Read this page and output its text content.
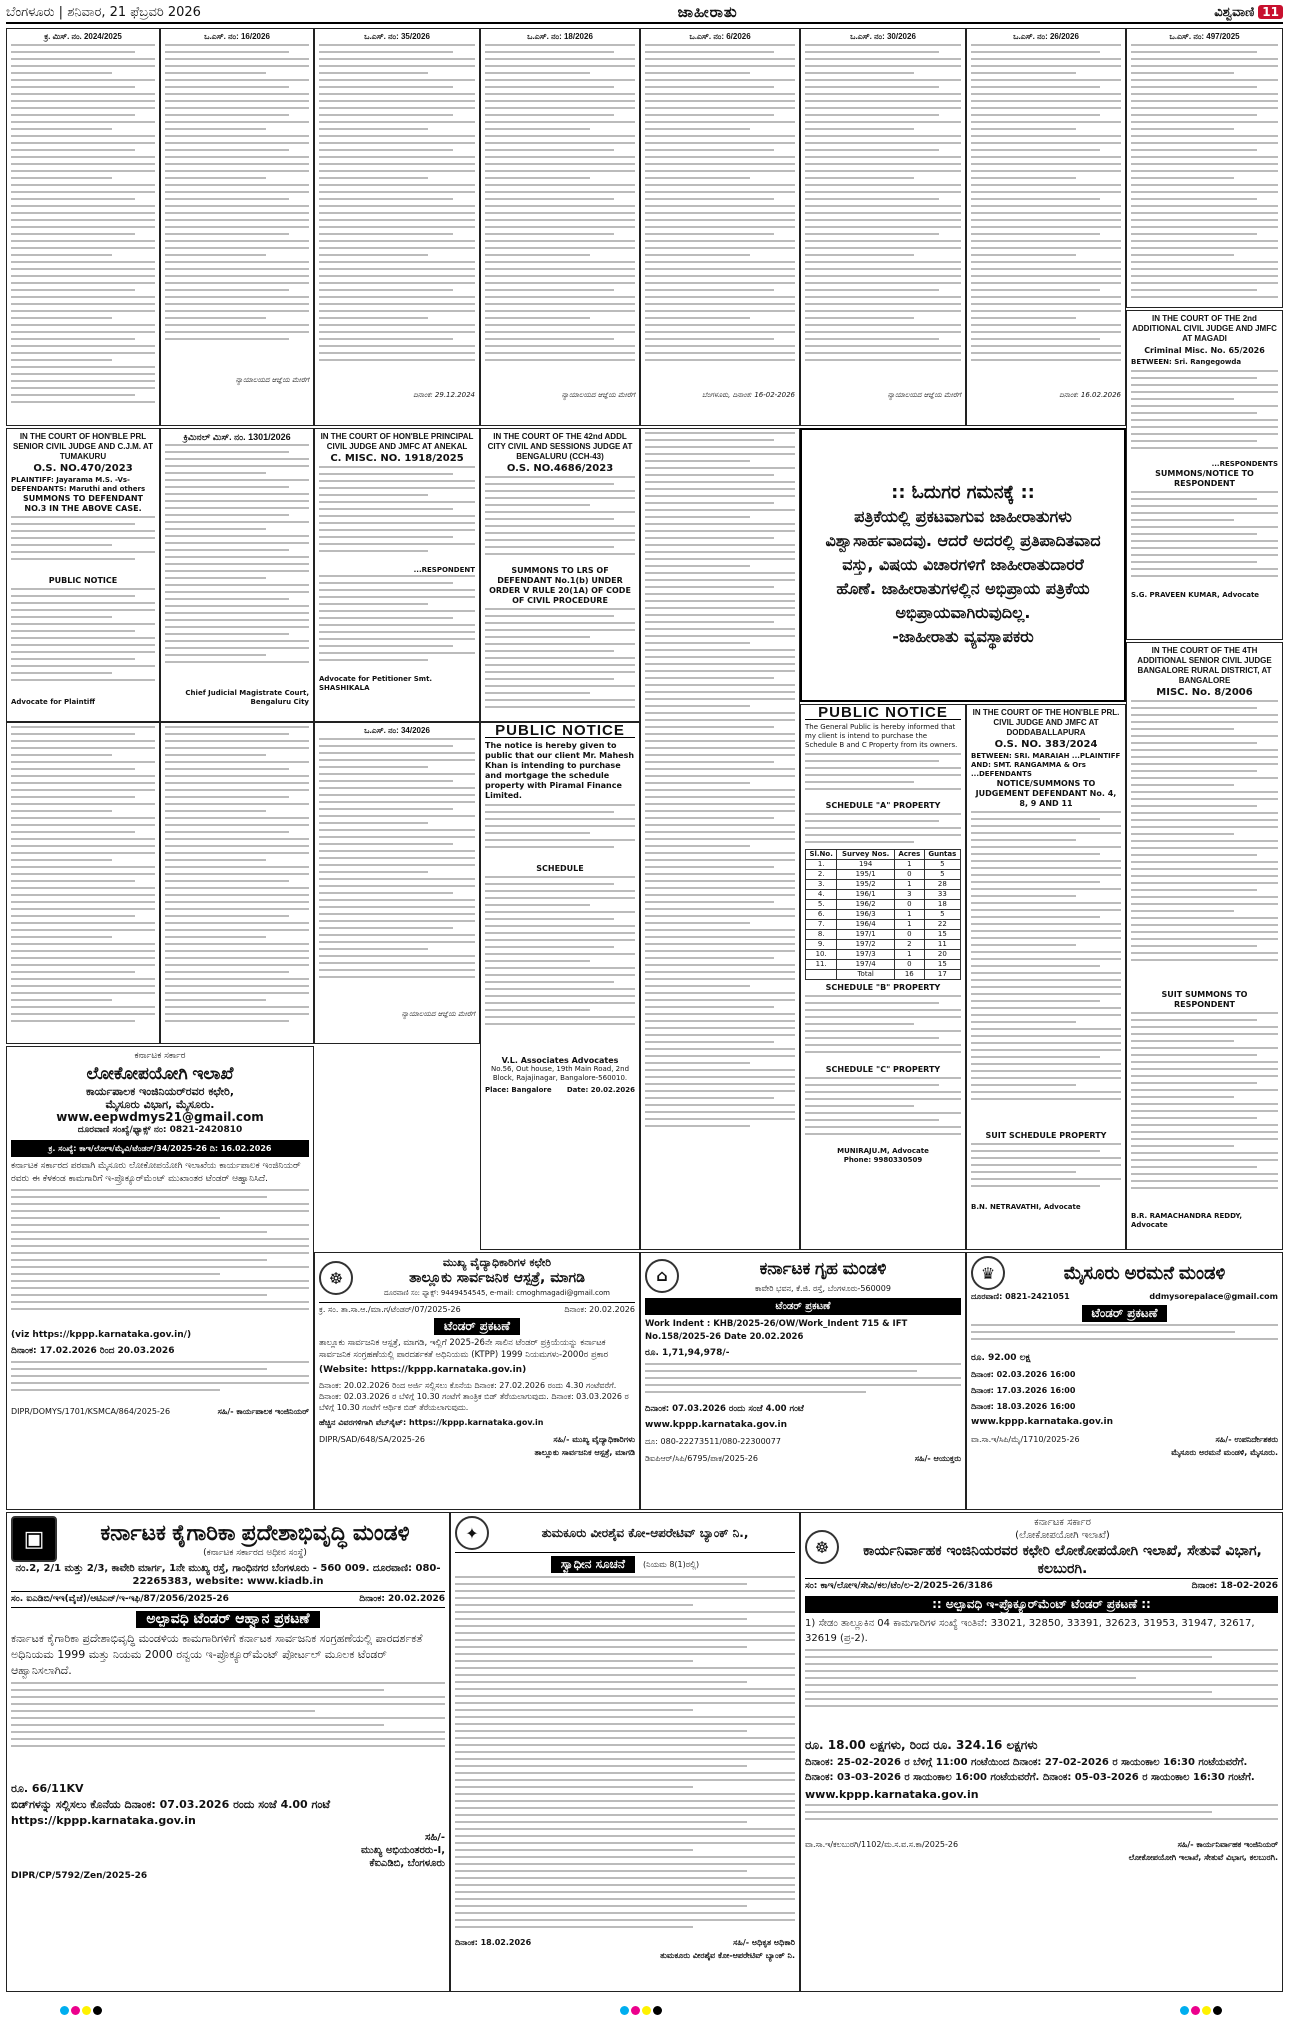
ಬೆಂಗಳೂರು | ಶನಿವಾರ, 21 ಫೆಬ್ರವರಿ 2026	ಜಾಹೀರಾತು	ವಿಶ್ವವಾಣಿ 11
ಕ್ರ. ಮಿಸ್. ನಂ. 2024/2025	ಒ.ಎಸ್. ನಂ: 16/2026
ನ್ಯಾಯಾಲಯದ ಆಜ್ಞೆಯ ಮೇರೆಗೆ
ಒ.ಎಸ್. ನಂ: 35/2026
ದಿನಾಂಕ: 29.12.2024
ಒ.ಎಸ್. ನಂ: 18/2026
ನ್ಯಾಯಾಲಯದ ಆಜ್ಞೆಯ ಮೇರೆಗೆ
ಒ.ಎಸ್. ನಂ: 6/2026
ಬೆಂಗಳೂರು, ದಿನಾಂಕ: 16-02-2026
ಒ.ಎಸ್. ನಂ: 30/2026
ನ್ಯಾಯಾಲಯದ ಆಜ್ಞೆಯ ಮೇರೆಗೆ
ಒ.ಎಸ್. ನಂ: 26/2026
ದಿನಾಂಕ: 16.02.2026
ಒ.ಎಸ್. ನಂ: 497/2025
IN THE COURT OF THE 2nd ADDITIONAL CIVIL JUDGE AND JMFC AT MAGADI
Criminal Misc. No. 65/2026
BETWEEN: Sri. Rangegowda
...RESPONDENTS
SUMMONS/NOTICE TO RESPONDENT
S.G. PRAVEEN KUMAR, Advocate
IN THE COURT OF HON'BLE PRL SENIOR CIVIL JUDGE AND C.J.M. AT TUMAKURU
O.S. NO.470/2023
PLAINTIFF: Jayarama M.S. -Vs- DEFENDANTS: Maruthi and others
SUMMONS TO DEFENDANT NO.3 IN THE ABOVE CASE.
PUBLIC NOTICE
Advocate for Plaintiff
ಕ್ರಿಮಿನಲ್ ಮಿಸ್. ನಂ. 1301/2026
Chief Judicial Magistrate Court, Bengaluru City
IN THE COURT OF HON'BLE PRINCIPAL CIVIL JUDGE AND JMFC AT ANEKAL
C. MISC. NO. 1918/2025
...RESPONDENT
Advocate for Petitioner Smt. SHASHIKALA
IN THE COURT OF THE 42nd ADDL CITY CIVIL AND SESSIONS JUDGE AT BENGALURU (CCH-43)
O.S. NO.4686/2023
SUMMONS TO LRS OF DEFENDANT No.1(b) UNDER ORDER V RULE 20(1A) OF CODE OF CIVIL PROCEDURE
:: ಓದುಗರ ಗಮನಕ್ಕೆ ::
ಪತ್ರಿಕೆಯಲ್ಲಿ ಪ್ರಕಟವಾಗುವ ಜಾಹೀರಾತುಗಳು
ವಿಶ್ವಾಸಾರ್ಹವಾದವು. ಆದರೆ ಅದರಲ್ಲಿ ಪ್ರತಿಪಾದಿತವಾದ
ವಸ್ತು, ವಿಷಯ ವಿಚಾರಗಳಿಗೆ ಜಾಹೀರಾತುದಾರರೆ
ಹೊಣೆ. ಜಾಹೀರಾತುಗಳಲ್ಲಿನ ಅಭಿಪ್ರಾಯ ಪತ್ರಿಕೆಯ
ಅಭಿಪ್ರಾಯವಾಗಿರುವುದಿಲ್ಲ.
-ಜಾಹೀರಾತು ವ್ಯವಸ್ಥಾಪಕರು
ಒ.ಎಸ್. ನಂ: 34/2026
ನ್ಯಾಯಾಲಯದ ಆಜ್ಞೆಯ ಮೇರೆಗೆ
PUBLIC NOTICE
The notice is hereby given to public that our client Mr. Mahesh Khan is intending to purchase and mortgage the schedule property with Piramal Finance Limited.
SCHEDULE
V.L. Associates Advocates
No.56, Out house, 19th Main Road, 2nd Block, Rajajinagar, Bangalore-560010.
Place: Bangalore Date: 20.02.2026
PUBLIC NOTICE
The General Public is hereby informed that my client is intend to purchase the Schedule B and C Property from its owners.
SCHEDULE "A" PROPERTY
Sl.No.	Survey Nos.	Acres	Guntas
1.	194	1	5
2.	195/1	0	5
3.	195/2	1	28
4.	196/1	3	33
5.	196/2	0	18
6.	196/3	1	5
7.	196/4	1	22
8.	197/1	0	15
9.	197/2	2	11
10.	197/3	1	20
11.	197/4	0	15
	Total	16	17
SCHEDULE "B" PROPERTY
SCHEDULE "C" PROPERTY
MUNIRAJU.M, Advocate
Phone: 9980330509
IN THE COURT OF THE HON'BLE PRL. CIVIL JUDGE AND JMFC AT DODDABALLAPURA
O.S. NO. 383/2024
BETWEEN: SRI. MARAIAH ...PLAINTIFF AND: SMT. RANGAMMA & Ors ...DEFENDANTS
NOTICE/SUMMONS TO JUDGEMENT DEFENDANT No. 4, 8, 9 AND 11
SUIT SCHEDULE PROPERTY
B.N. NETRAVATHI, Advocate
IN THE COURT OF THE 4TH ADDITIONAL SENIOR CIVIL JUDGE BANGALORE RURAL DISTRICT, AT BANGALORE
MISC. No. 8/2006
SUIT SUMMONS TO RESPONDENT
B.R. RAMACHANDRA REDDY, Advocate
ಕರ್ನಾಟಕ ಸರ್ಕಾರ
ಲೋಕೋಪಯೋಗಿ ಇಲಾಖೆ
ಕಾರ್ಯಪಾಲಕ ಇಂಜಿನಿಯರ್‌ರವರ ಕಛೇರಿ,
ಮೈಸೂರು ವಿಭಾಗ, ಮೈಸೂರು.
www.eepwdmys21@gmail.com
ದೂರವಾಣಿ ಸಂಖ್ಯೆ/ಫ್ಯಾಕ್ಸ್ ನಂ: 0821-2420810
ಕ್ರ. ಸಂಖ್ಯೆ: ಕಾಇ/ಲೋಇ/ಮೈವಿ/ಟೆಂಡರ್/34/2025-26 ದಿ: 16.02.2026

ಕರ್ನಾಟಕ ಸರ್ಕಾರದ ಪರವಾಗಿ ಮೈಸೂರು ಲೋಕೋಪಯೋಗಿ ಇಲಾಖೆಯ ಕಾರ್ಯಪಾಲಕ ಇಂಜಿನಿಯರ್ ರವರು ಈ ಕೆಳಕಂಡ ಕಾಮಗಾರಿಗೆ ಇ-ಪ್ರೊಕ್ಯೂರ್‌ಮೆಂಟ್ ಮುಖಾಂತರ ಟೆಂಡರ್ ಆಹ್ವಾನಿಸಿದೆ.

(viz https://kppp.karnataka.gov.in/)

ದಿನಾಂಕ: 17.02.2026 ರಿಂದ 20.03.2026

DIPR/DOMYS/1701/KSMCA/864/2025-26	ಸಹಿ/- ಕಾರ್ಯಪಾಲಕ ಇಂಜಿನಿಯರ್
☸
ಮುಖ್ಯ ವೈದ್ಯಾಧಿಕಾರಿಗಳ ಕಛೇರಿ
ತಾಲ್ಲೂಕು ಸಾರ್ವಜನಿಕ ಆಸ್ಪತ್ರೆ, ಮಾಗಡಿ
ದೂರವಾಣಿ ಸಂ: ಫ್ಯಾಕ್ಸ್: 9449454545, e-mail: cmoghmagadi@gmail.com
ಕ್ರ. ಸಂ. ತಾ.ಸಾ.ಆ./ಮಾ.ಗ/ಟೆಂಡರ್/07/2025-26	ದಿನಾಂಕ: 20.02.2026
ಟೆಂಡರ್ ಪ್ರಕಟಣೆ

ತಾಲ್ಲೂಕು ಸಾರ್ವಜನಿಕ ಆಸ್ಪತ್ರೆ, ಮಾಗಡಿ, ಇಲ್ಲಿಗೆ 2025-26ನೇ ಸಾಲಿನ ಟೆಂಡರ್ ಪ್ರಕ್ರಿಯೆಯನ್ನು ಕರ್ನಾಟಕ ಸಾರ್ವಜನಿಕ ಸಂಗ್ರಹಣೆಯಲ್ಲಿ ಪಾರದರ್ಶಕತೆ ಅಧಿನಿಯಮ (KTPP) 1999 ನಿಯಮಗಳು-2000ರ ಪ್ರಕಾರ

(Website: https://kppp.karnataka.gov.in)

ದಿನಾಂಕ: 20.02.2026 ರಿಂದ ಅರ್ಜಿ ಸಲ್ಲಿಸಲು ಕೊನೆಯ ದಿನಾಂಕ: 27.02.2026 ರಂದು 4.30 ಗಂಟೆವರೆಗೆ. ದಿನಾಂಕ: 02.03.2026 ರ ಬೆಳಿಗ್ಗೆ 10.30 ಗಂಟೆಗೆ ತಾಂತ್ರಿಕ ಬಿಡ್ ತೆರೆಯಲಾಗುವುದು. ದಿನಾಂಕ: 03.03.2026 ರ ಬೆಳಿಗ್ಗೆ 10.30 ಗಂಟೆಗೆ ಆರ್ಥಿಕ ಬಿಡ್ ತೆರೆಯಲಾಗುವುದು.

ಹೆಚ್ಚಿನ ವಿವರಗಳಿಗಾಗಿ ವೆಬ್‌ಸೈಟ್: https://kppp.karnataka.gov.in

DIPR/SAD/648/SA/2025-26	ಸಹಿ/- ಮುಖ್ಯ ವೈದ್ಯಾಧಿಕಾರಿಗಳು
ತಾಲ್ಲೂಕು ಸಾರ್ವಜನಿಕ ಆಸ್ಪತ್ರೆ, ಮಾಗಡಿ
⌂	ಕರ್ನಾಟಕ ಗೃಹ ಮಂಡಳಿ
ಕಾವೇರಿ ಭವನ, ಕೆ.ಜಿ. ರಸ್ತೆ, ಬೆಂಗಳೂರು-560009
ಟೆಂಡರ್ ಪ್ರಕಟಣೆ

Work Indent : KHB/2025-26/OW/Work_Indent 715 & IFT No.158/2025-26 Date 20.02.2026

ರೂ. 1,71,94,978/-

ದಿನಾಂಕ: 07.03.2026 ರಂದು ಸಂಜೆ 4.00 ಗಂಟೆ

www.kppp.karnataka.gov.in

ದೂ: 080-22273511/080-22300077

ಡಿಐಪಿಆರ್/ಸಿಪಿ/6795/ಪಾಕ/2025-26	ಸಹಿ/- ಆಯುಕ್ತರು
♛	ಮೈಸೂರು ಅರಮನೆ ಮಂಡಳಿ
ದೂರವಾಣಿ: 0821-2421051	ddmysorepalace@gmail.com
ಟೆಂಡರ್ ಪ್ರಕಟಣೆ

ರೂ. 92.00 ಲಕ್ಷ

ದಿನಾಂಕ: 02.03.2026 16:00

ದಿನಾಂಕ: 17.03.2026 16:00

ದಿನಾಂಕ: 18.03.2026 16:00

www.kppp.karnataka.gov.in

ವಾ.ಸಾ.ಇ/ಸಿಪಿ/ಮೈ/1710/2025-26	ಸಹಿ/- ಉಪನಿರ್ದೇಶಕರು
ಮೈಸೂರು ಅರಮನೆ ಮಂಡಳಿ, ಮೈಸೂರು.
▣	ಕರ್ನಾಟಕ ಕೈಗಾರಿಕಾ ಪ್ರದೇಶಾಭಿವೃದ್ಧಿ ಮಂಡಳಿ
(ಕರ್ನಾಟಕ ಸರ್ಕಾರದ ಅಧೀನ ಸಂಸ್ಥೆ)

ನಂ.2, 2/1 ಮತ್ತು 2/3, ಕಾವೇರಿ ಮಾರ್ಗ, 1ನೇ ಮುಖ್ಯ ರಸ್ತೆ, ಗಾಂಧಿನಗರ ಬೆಂಗಳೂರು - 560 009. ದೂರವಾಣಿ: 080-22265383, website: www.kiadb.in

ಸಂ. ಐಎಡಿಬಿ/ಇಇ(ವೈಜೆ)/ಆಟಿಎನ್/ಇ-ಇಫಿ/87/2056/2025-26	ದಿನಾಂಕ: 20.02.2026
ಅಲ್ಪಾವಧಿ ಟೆಂಡರ್ ಆಹ್ವಾನ ಪ್ರಕಟಣೆ

ಕರ್ನಾಟಕ ಕೈಗಾರಿಕಾ ಪ್ರದೇಶಾಭಿವೃದ್ಧಿ ಮಂಡಳಿಯ ಕಾಮಗಾರಿಗಳಿಗೆ ಕರ್ನಾಟಕ ಸಾರ್ವಜನಿಕ ಸಂಗ್ರಹಣೆಯಲ್ಲಿ ಪಾರದರ್ಶಕತೆ ಅಧಿನಿಯಮ 1999 ಮತ್ತು ನಿಯಮ 2000 ರನ್ವಯ ಇ-ಪ್ರೊಕ್ಯೂರ್‌ಮೆಂಟ್ ಪೋರ್ಟಲ್ ಮೂಲಕ ಟೆಂಡರ್ ಆಹ್ವಾನಿಸಲಾಗಿದೆ.

ರೂ. 66/11KV

ಬಿಡ್‌ಗಳನ್ನು ಸಲ್ಲಿಸಲು ಕೊನೆಯ ದಿನಾಂಕ: 07.03.2026 ರಂದು ಸಂಜೆ 4.00 ಗಂಟೆ

https://kppp.karnataka.gov.in

ಸಹಿ/-
ಮುಖ್ಯ ಅಭಿಯಂತರರು-I,
ಕೆಐಎಡಿಬಿ, ಬೆಂಗಳೂರು
DIPR/CP/5792/Zen/2025-26
✦	ತುಮಕೂರು ವೀರಶೈವ ಕೋ-ಆಪರೇಟಿವ್ ಬ್ಯಾಂಕ್ ನಿ.,
ಸ್ವಾಧೀನ ಸೂಚನೆ	(ನಿಯಮ 8(1)ರಲ್ಲಿ)
ದಿನಾಂಕ: 18.02.2026	ಸಹಿ/- ಅಧಿಕೃತ ಅಧಿಕಾರಿ
ತುಮಕೂರು ವೀರಶೈವ ಕೋ-ಆಪರೇಟಿವ್ ಬ್ಯಾಂಕ್ ನಿ.
☸
ಕರ್ನಾಟಕ ಸರ್ಕಾರ
(ಲೋಕೋಪಯೋಗಿ ಇಲಾಖೆ)
ಕಾರ್ಯನಿರ್ವಾಹಕ ಇಂಜಿನಿಯರವರ ಕಛೇರಿ ಲೋಕೋಪಯೋಗಿ ಇಲಾಖೆ, ಸೇತುವೆ ವಿಭಾಗ, ಕಲಬುರಗಿ.
ಸಂ: ಕಾಇ/ಲೋಇ/ಸೇವಿ/ಕಲ/ಟೆಂ/ಲ-2/2025-26/3186	ದಿನಾಂಕ: 18-02-2026
:: ಅಲ್ಪಾವಧಿ ಇ-ಪ್ರೊಕ್ಯೂರ್‌ಮೆಂಟ್ ಟೆಂಡರ್ ಪ್ರಕಟಣೆ ::

1) ಸೇಡಂ ತಾಲ್ಲೂಕಿನ 04 ಕಾಮಗಾರಿಗಳ ಸಂಖ್ಯೆ ಇಂತಿವೆ: 33021, 32850, 33391, 32623, 31953, 31947, 32617, 32619 (ಪ್ರ-2).

ರೂ. 18.00 ಲಕ್ಷಗಳು, ರಿಂದ ರೂ. 324.16 ಲಕ್ಷಗಳು

ದಿನಾಂಕ: 25-02-2026 ರ ಬೆಳಿಗ್ಗೆ 11:00 ಗಂಟೆಯಿಂದ ದಿನಾಂಕ: 27-02-2026 ರ ಸಾಯಂಕಾಲ 16:30 ಗಂಟೆಯವರೆಗೆ. ದಿನಾಂಕ: 03-03-2026 ರ ಸಾಯಂಕಾಲ 16:00 ಗಂಟೆಯವರೆಗೆ. ದಿನಾಂಕ: 05-03-2026 ರ ಸಾಯಂಕಾಲ 16:30 ಗಂಟೆಗೆ.

www.kppp.karnataka.gov.in

ವಾ.ಸಾ.ಇ/ಕಲಬುರಗಿ/1102/ಮ.ಸ.ವ.ಸ.ಕಾ/2025-26	ಸಹಿ/- ಕಾರ್ಯನಿರ್ವಾಹಕ ಇಂಜಿನಿಯರ್
ಲೋಕೋಪಯೋಗಿ ಇಲಾಖೆ, ಸೇತುವೆ ವಿಭಾಗ, ಕಲಬುರಗಿ.
